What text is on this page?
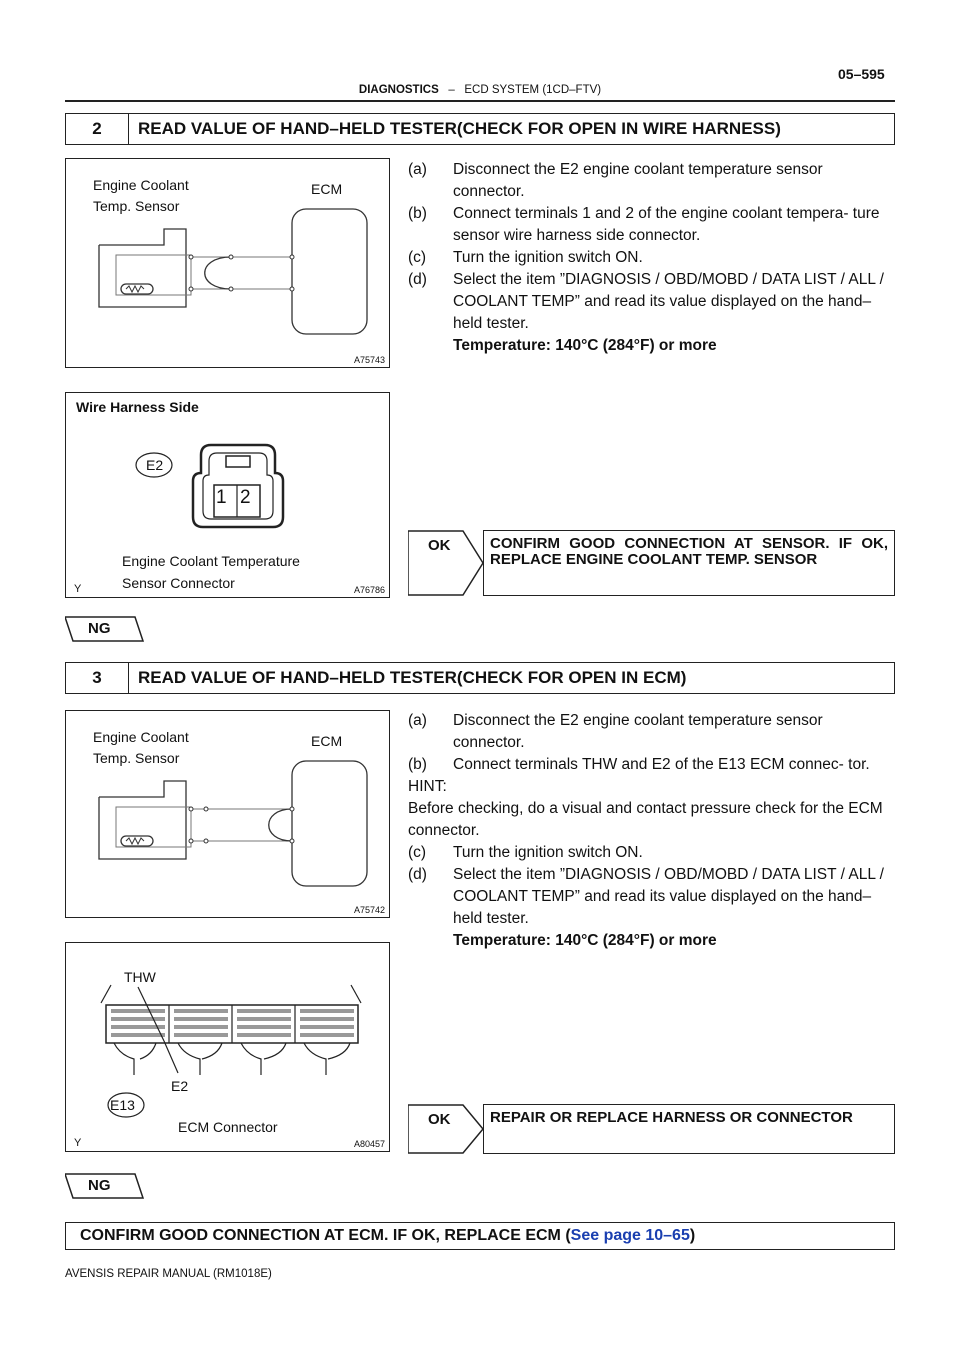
05–595
DIAGNOSTICS – ECD SYSTEM (1CD–FTV)
2	READ VALUE OF HAND–HELD TESTER(CHECK FOR OPEN IN WIRE HARNESS)
Engine Coolant
Temp. Sensor
ECM
A75743
Wire Harness Side
E2
1 2
Engine Coolant Temperature
Sensor Connector
Y	A76786
(a) Disconnect the E2 engine coolant temperature sensor connector.
(b) Connect terminals 1 and 2 of the engine coolant tempera- ture sensor wire harness side connector.
(c) Turn the ignition switch ON.
(d) Select the item ”DIAGNOSIS / OBD/MOBD / DATA LIST / ALL / COOLANT TEMP” and read its value displayed on the hand–held tester.
Temperature: 140°C (284°F) or more
OK	CONFIRM GOOD CONNECTION AT SENSOR. IF OK, REPLACE ENGINE COOLANT TEMP. SENSOR
NG
3	READ VALUE OF HAND–HELD TESTER(CHECK FOR OPEN IN ECM)
Engine Coolant
Temp. Sensor
ECM
A75742
THW
E2
E13
ECM Connector
Y	A80457
(a) Disconnect the E2 engine coolant temperature sensor connector.
(b) Connect terminals THW and E2 of the E13 ECM connec- tor.
HINT:
Before checking, do a visual and contact pressure check for the ECM connector.
(c) Turn the ignition switch ON.
(d) Select the item ”DIAGNOSIS / OBD/MOBD / DATA LIST / ALL / COOLANT TEMP” and read its value displayed on the hand–held tester.
Temperature: 140°C (284°F) or more
OK	REPAIR OR REPLACE HARNESS OR CONNECTOR
NG
CONFIRM GOOD CONNECTION AT ECM. IF OK, REPLACE ECM ( See page 10–65 )
AVENSIS REPAIR MANUAL (RM1018E)
